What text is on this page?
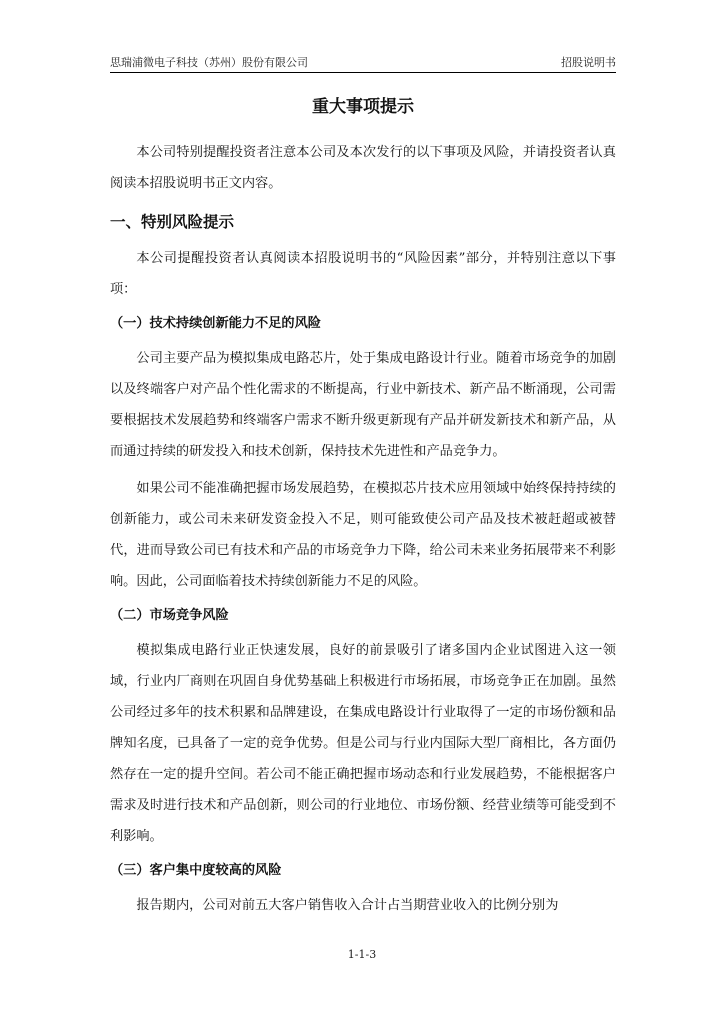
思瑞浦微电子科技（苏州）股份有限公司	招股说明书
重大事项提示

本公司特别提醒投资者注意本公司及本次发行的以下事项及风险，并请投资者认真阅读本招股说明书正文内容。

一、特别风险提示

本公司提醒投资者认真阅读本招股说明书的“风险因素”部分，并特别注意以下事项：

（一）技术持续创新能力不足的风险

公司主要产品为模拟集成电路芯片，处于集成电路设计行业。随着市场竞争的加剧以及终端客户对产品个性化需求的不断提高，行业中新技术、新产品不断涌现，公司需要根据技术发展趋势和终端客户需求不断升级更新现有产品并研发新技术和新产品，从而通过持续的研发投入和技术创新，保持技术先进性和产品竞争力。

如果公司不能准确把握市场发展趋势，在模拟芯片技术应用领域中始终保持持续的创新能力，或公司未来研发资金投入不足，则可能致使公司产品及技术被赶超或被替代，进而导致公司已有技术和产品的市场竞争力下降，给公司未来业务拓展带来不利影响。因此，公司面临着技术持续创新能力不足的风险。

（二）市场竞争风险

模拟集成电路行业正快速发展，良好的前景吸引了诸多国内企业试图进入这一领域，行业内厂商则在巩固自身优势基础上积极进行市场拓展，市场竞争正在加剧。虽然公司经过多年的技术积累和品牌建设，在集成电路设计行业取得了一定的市场份额和品牌知名度，已具备了一定的竞争优势。但是公司与行业内国际大型厂商相比，各方面仍然存在一定的提升空间。若公司不能正确把握市场动态和行业发展趋势，不能根据客户需求及时进行技术和产品创新，则公司的行业地位、市场份额、经营业绩等可能受到不利影响。

（三）客户集中度较高的风险

报告期内，公司对前五大客户销售收入合计占当期营业收入的比例分别为

1-1-3
